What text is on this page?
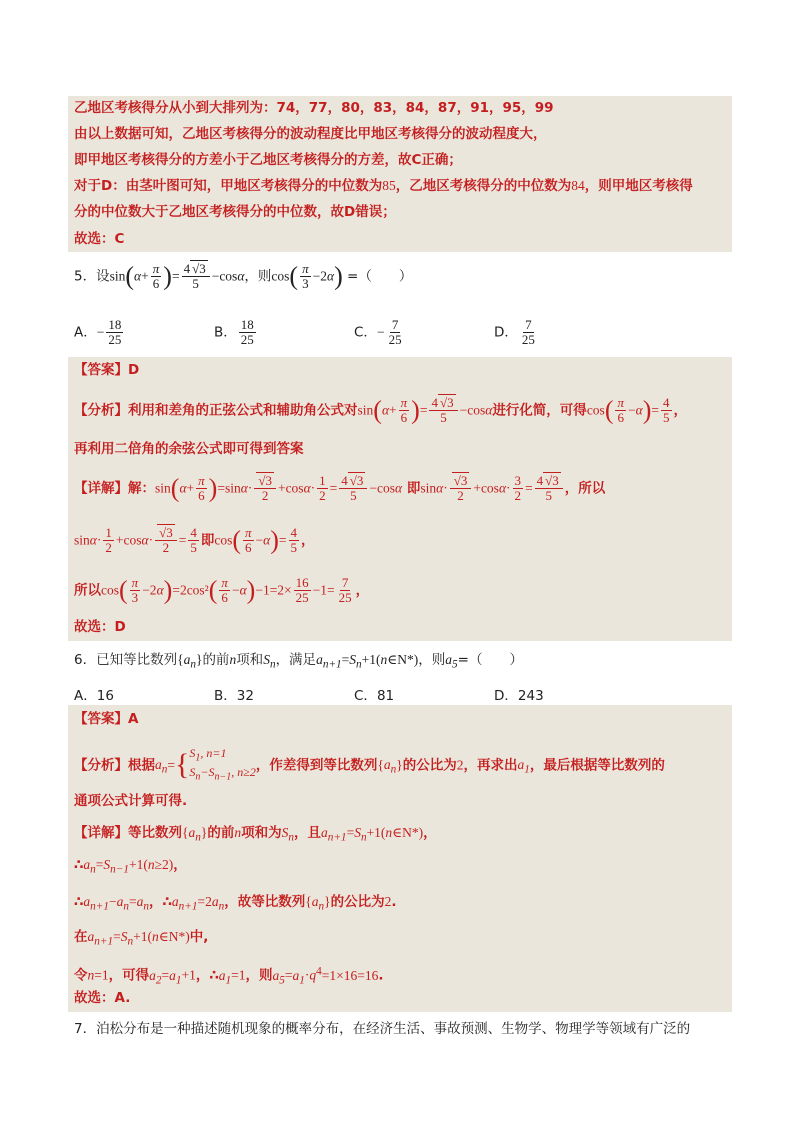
乙地区考核得分从小到大排列为：74，77，80，83，84，87，91，95，99
由以上数据可知，乙地区考核得分的波动程度比甲地区考核得分的波动程度大，
即甲地区考核得分的方差小于乙地区考核得分的方差，故C正确；
对于D：由茎叶图可知，甲地区考核得分的中位数为85，乙地区考核得分的中位数为84，则甲地区考核得
分的中位数大于乙地区考核得分的中位数，故D错误；
故选：C
5．设$\sin(\alpha+ \frac{\pi}{6}$ )= $\frac{4 √3}{5} -\cos\alpha$，则$\cos( \frac{\pi}{3} -2\alpha)$ =（　　）
A．− $\frac{18}{25}$	B． $\frac{18}{25}$	C．− $\frac{7}{25}$	D． $\frac{7}{25}$
【答案】D
【分析】利用和差角的正弦公式和辅助角公式对$\sin(\alpha+ \frac{\pi}{6}$ )= $\frac{4 √3}{5} -\cos\alpha$进行化简，可得$\cos( \frac{\pi}{6} -\alpha)= \frac{4}{5}$ ，
再利用二倍角的余弦公式即可得到答案
【详解】解：$\sin(\alpha+ \frac{\pi}{6} )=\sin\alpha\cdot \frac{√3}{2} +\cos\alpha\cdot \frac{1}{2} = \frac{4 √3}{5} -\cos\alpha$ 即$\sin\alpha\cdot \frac{√3}{2} +\cos\alpha\cdot \frac{3}{2} = \frac{4 √3}{5}$ ，所以
$\sin\alpha\cdot \frac{1}{2} +\cos\alpha\cdot \frac{√3}{2} = \frac{4}{5}$ 即$\cos( \frac{\pi}{6} -\alpha)= \frac{4}{5}$ ，
所以$\cos( \frac{\pi}{3} -2\alpha)=2\cos^2( \frac{\pi}{6} -\alpha)-1=2\times \frac{16}{25} -1= \frac{7}{25}$ ，
故选：D
6．已知等比数列$\{a_n\}$的前n项和$S_n$，满足$a_{n+1}=S_n+1(n\in N*)$，则$a_5=$（　　）
A．16	B．32	C．81	D．243
【答案】A
【分析】根据$a_n=$ { $S_1$, n=1
$S_n-S_{n-1}$, n≥2 ，作差得到等比数列$\{a_n\}$的公比为2，再求出$a_1$，最后根据等比数列的
通项公式计算可得.
【详解】等比数列$\{a_n\}$的前n项和为$S_n$，且$a_{n+1}=S_n+1(n\in N*)$，
$\therefore a_n=S_{n-1}+1(n\ge 2)$，
$\therefore a_{n+1}-a_n=a_n$，$\therefore a_{n+1}=2a_n$，故等比数列$\{a_n\}$的公比为2.
在$a_{n+1}=S_n+1(n\in N*)$中,
令n=1，可得$a_2=a_1+1$，$\therefore a_1=1$，则$a_5=a_1\cdot q^4=1\times 16=16$.
故选：A.
7．泊松分布是一种描述随机现象的概率分布，在经济生活、事故预测、生物学、物理学等领域有广泛的
